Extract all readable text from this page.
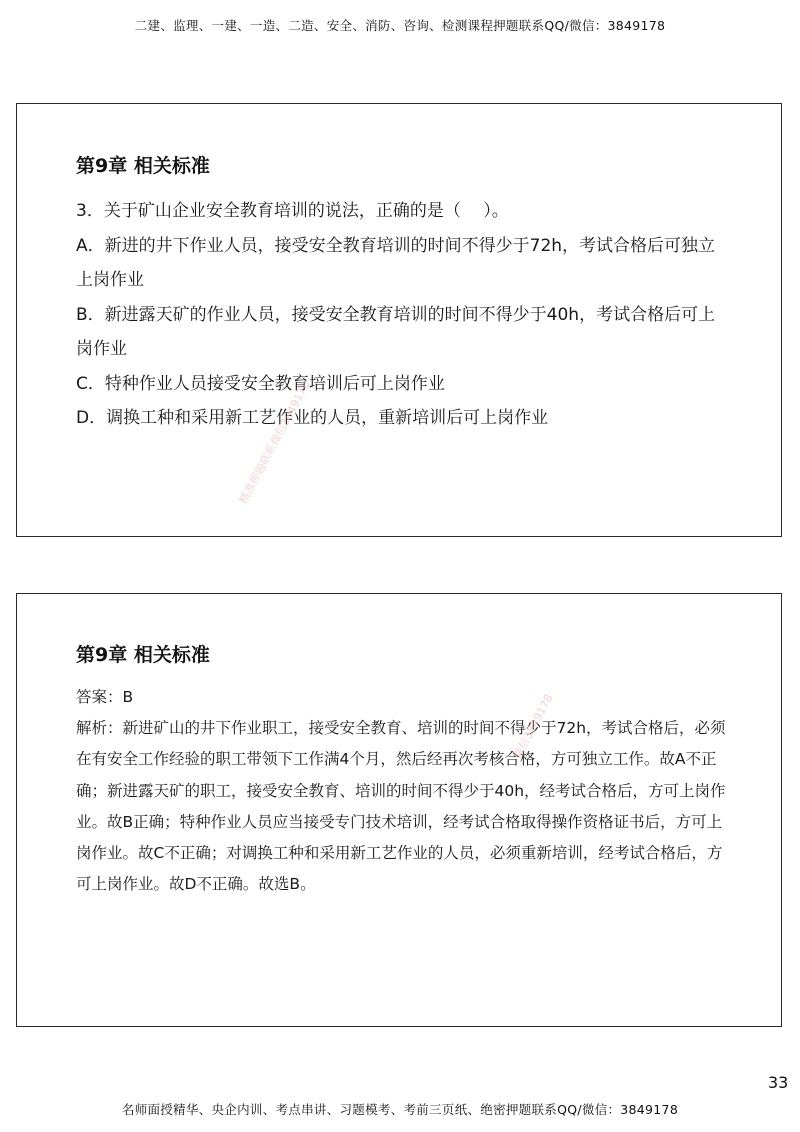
二建、监理、一建、一造、二造、安全、消防、咨询、检测课程押题联系QQ/微信：3849178
第9章 相关标准

3．关于矿山企业安全教育培训的说法，正确的是（　 ）。

A．新进的井下作业人员，接受安全教育培训的时间不得少于72h，考试合格后可独立上岗作业

B．新进露天矿的作业人员，接受安全教育培训的时间不得少于40h，考试合格后可上岗作业

C．特种作业人员接受安全教育培训后可上岗作业

D．调换工种和采用新工艺作业的人员，重新培训后可上岗作业

精准押题联系微信3849178
第9章 相关标准

答案：B

解析：新进矿山的井下作业职工，接受安全教育、培训的时间不得少于72h，考试合格后，必须在有安全工作经验的职工带领下工作满4个月，然后经再次考核合格，方可独立工作。故A不正确；新进露天矿的职工，接受安全教育、培训的时间不得少于40h，经考试合格后，方可上岗作业。故B正确；特种作业人员应当接受专门技术培训，经考试合格取得操作资格证书后，方可上岗作业。故C不正确；对调换工种和采用新工艺作业的人员，必须重新培训，经考试合格后，方可上岗作业。故D不正确。故选B。

微信3849178
33
名师面授精华、央企内训、考点串讲、习题模考、考前三页纸、绝密押题联系QQ/微信：3849178
